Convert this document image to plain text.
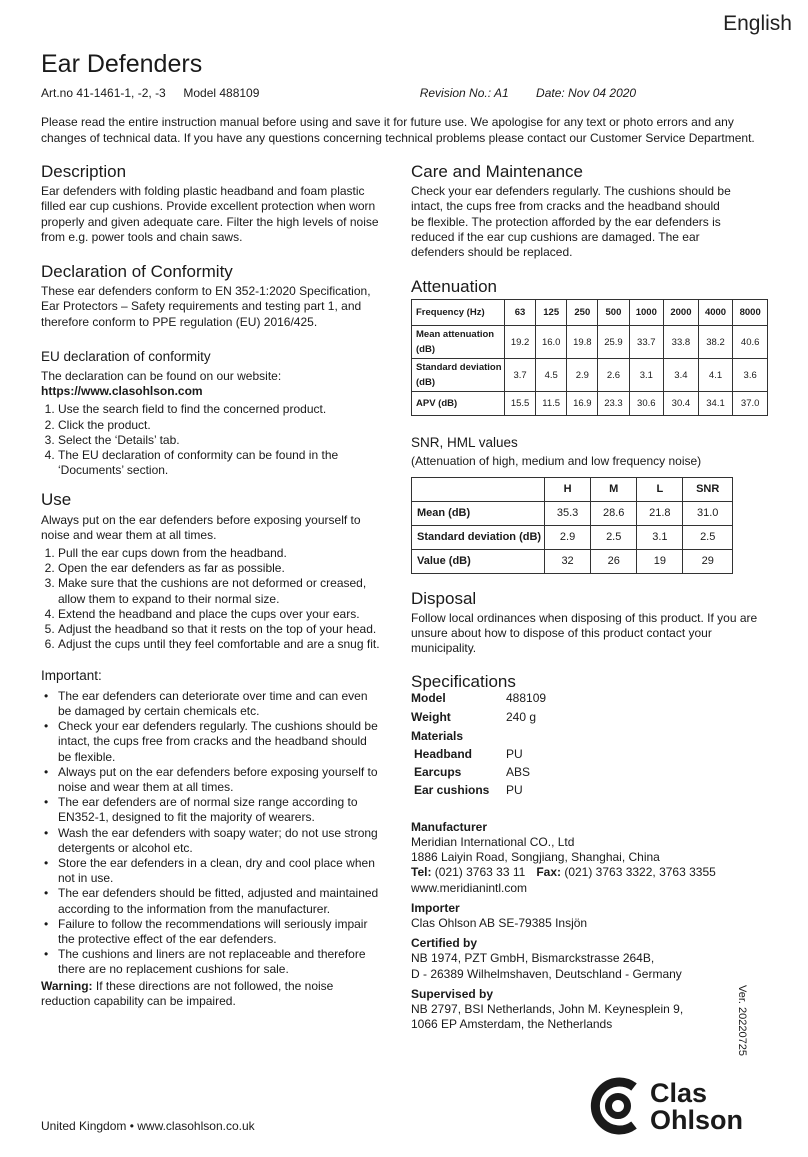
English
Ear Defenders
Art.no 41-1461-1, -2, -3 Model 488109	Revision No.: A1 Date: Nov 04 2020
Please read the entire instruction manual before using and save it for future use. We apologise for any text or photo errors and any changes of technical data. If you have any questions concerning technical problems please contact our Customer Service Department.
Description

Ear defenders with folding plastic headband and foam plastic filled ear cup cushions. Provide excellent protection when worn properly and given adequate care. Filter the high levels of noise from e.g. power tools and chain saws.

Declaration of Conformity

These ear defenders conform to EN 352-1:2020 Specification, Ear Protectors – Safety requirements and testing part 1, and therefore conform to PPE regulation (EU) 2016/425.

EU declaration of conformity

The declaration can be found on our website:

https://www.clasohlson.com

1. Use the search field to find the concerned product.
2. Click the product.
3. Select the ‘Details’ tab.
4. The EU declaration of conformity can be found in the ‘Documents’ section.
Use

Always put on the ear defenders before exposing yourself to noise and wear them at all times.

1. Pull the ear cups down from the headband.
2. Open the ear defenders as far as possible.
3. Make sure that the cushions are not deformed or creased, allow them to expand to their normal size.
4. Extend the headband and place the cups over your ears.
5. Adjust the headband so that it rests on the top of your head.
6. Adjust the cups until they feel comfortable and are a snug fit.
Important:
• The ear defenders can deteriorate over time and can even be damaged by certain chemicals etc.
• Check your ear defenders regularly. The cushions should be intact, the cups free from cracks and the headband should be flexible.
• Always put on the ear defenders before exposing yourself to noise and wear them at all times.
• The ear defenders are of normal size range according to EN352-1, designed to fit the majority of wearers.
• Wash the ear defenders with soapy water; do not use strong detergents or alcohol etc.
• Store the ear defenders in a clean, dry and cool place when not in use.
• The ear defenders should be fitted, adjusted and maintained according to the information from the manufacturer.
• Failure to follow the recommendations will seriously impair the protective effect of the ear defenders.
• The cushions and liners are not replaceable and therefore there are no replacement cushions for sale.

Warning: If these directions are not followed, the noise reduction capability can be impaired.

Care and Maintenance

Check your ear defenders regularly. The cushions should be intact, the cups free from cracks and the headband should be flexible. The protection afforded by the ear defenders is reduced if the ear cup cushions are damaged. The ear defenders should be replaced.

Attenuation
Frequency (Hz)	63	125	250	500	1000	2000	4000	8000
Mean attenuation (dB)	19.2	16.0	19.8	25.9	33.7	33.8	38.2	40.6
Standard deviation (dB)	3.7	4.5	2.9	2.6	3.1	3.4	4.1	3.6
APV (dB)	15.5	11.5	16.9	23.3	30.6	30.4	34.1	37.0
SNR, HML values

(Attenuation of high, medium and low frequency noise)

	H	M	L	SNR
Mean (dB)	35.3	28.6	21.8	31.0
Standard deviation (dB)	2.9	2.5	3.1	2.5
Value (dB)	32	26	19	29
Disposal

Follow local ordinances when disposing of this product. If you are unsure about how to dispose of this product contact your municipality.

Specifications
Model	488109
Weight	240 g
Materials	
Headband	PU
Earcups	ABS
Ear cushions	PU

Manufacturer

Meridian International CO., Ltd

1886 Laiyin Road, Songjiang, Shanghai, China

Tel: (021) 3763 33 11 Fax: (021) 3763 3322, 3763 3355

www.meridianintl.com

Importer

Clas Ohlson AB SE-79385 Insjön

Certified by

NB 1974, PZT GmbH, Bismarckstrasse 264B,

D - 26389 Wilhelmshaven, Deutschland - Germany

Supervised by

NB 2797, BSI Netherlands, John M. Keynesplein 9,

1066 EP Amsterdam, the Netherlands	Ver. 20220725
Clas
Ohlson
United Kingdom • www.clasohlson.co.uk
